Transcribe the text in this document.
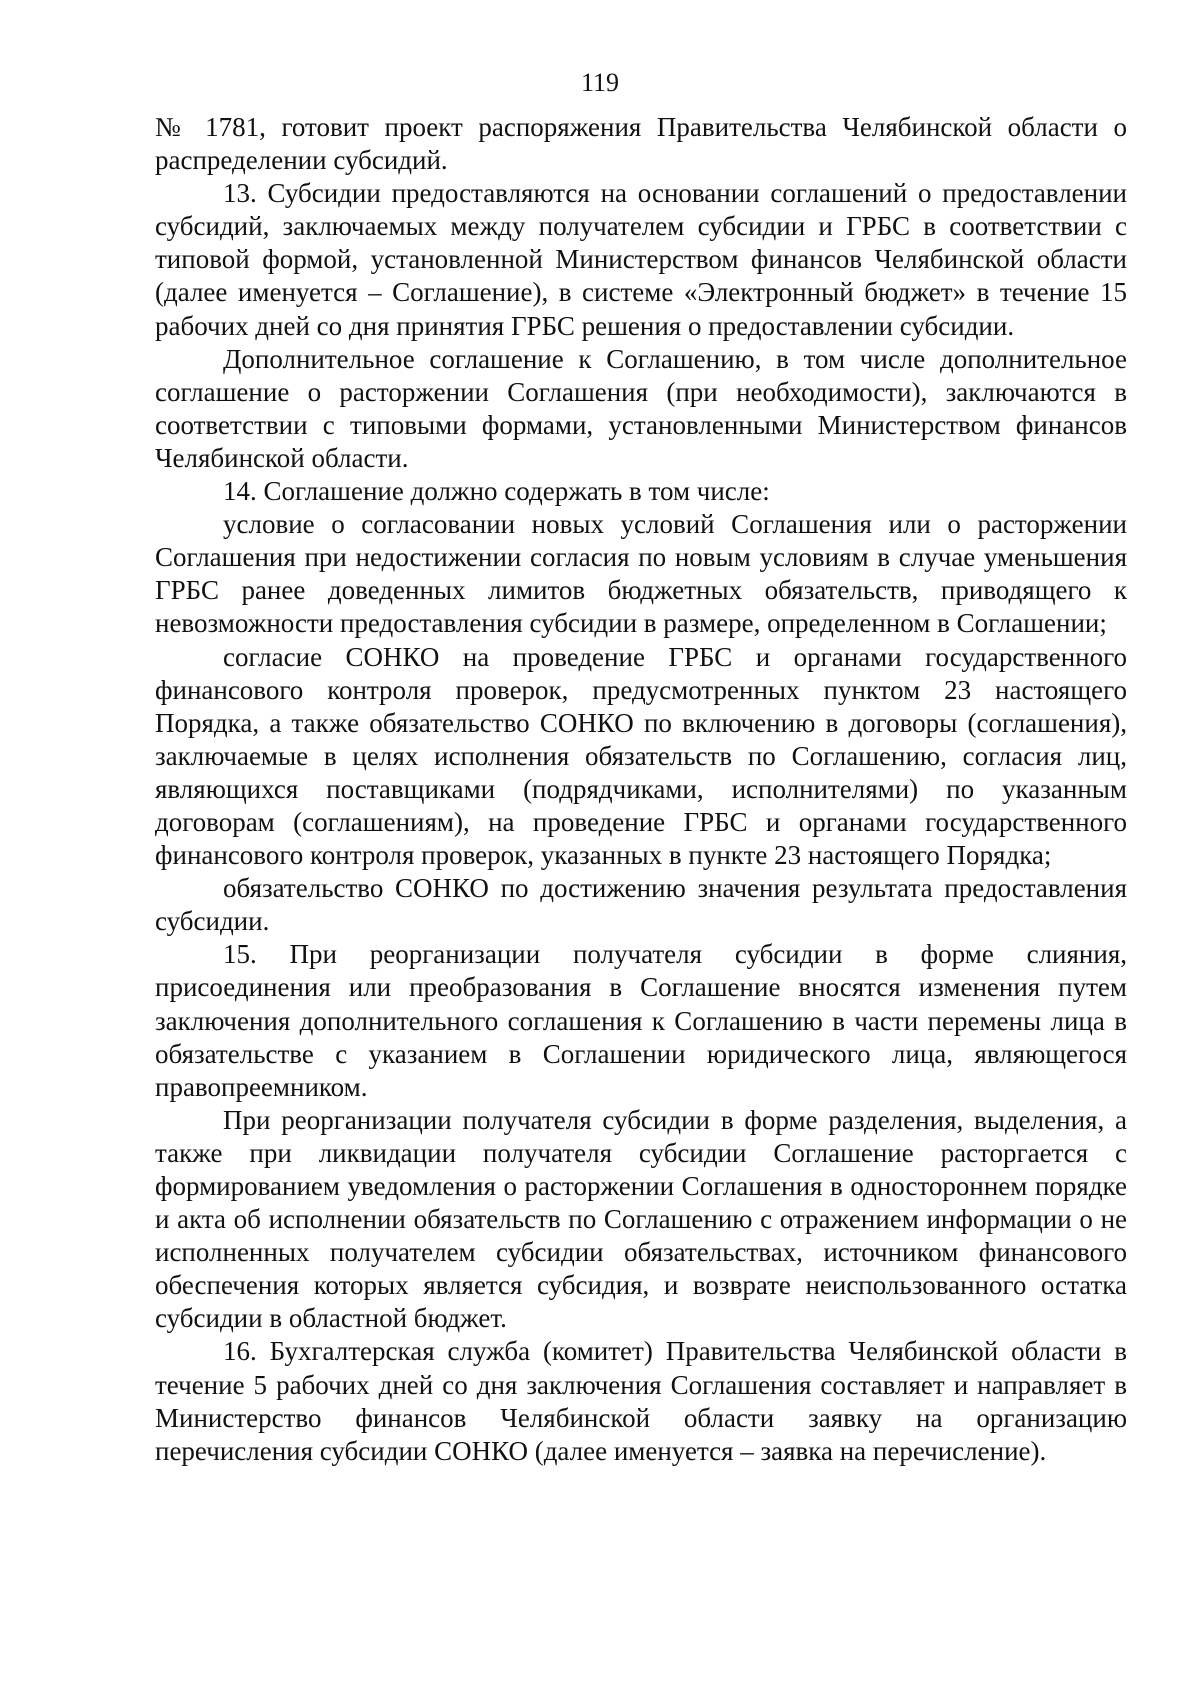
119

№ 1781, готовит проект распоряжения Правительства Челябинской области о распределении субсидий.

13. Субсидии предоставляются на основании соглашений о предоставлении субсидий, заключаемых между получателем субсидии и ГРБС в соответствии с типовой формой, установленной Министерством финансов Челябинской области (далее именуется – Соглашение), в системе «Электронный бюджет» в течение 15 рабочих дней со дня принятия ГРБС решения о предоставлении субсидии.

Дополнительное соглашение к Соглашению, в том числе дополнительное соглашение о расторжении Соглашения (при необходимости), заключаются в соответствии с типовыми формами, установленными Министерством финансов Челябинской области.

14. Соглашение должно содержать в том числе:

условие о согласовании новых условий Соглашения или о расторжении Соглашения при недостижении согласия по новым условиям в случае уменьшения ГРБС ранее доведенных лимитов бюджетных обязательств, приводящего к невозможности предоставления субсидии в размере, определенном в Соглашении;

согласие СОНКО на проведение ГРБС и органами государственного финансового контроля проверок, предусмотренных пунктом 23 настоящего Порядка, а также обязательство СОНКО по включению в договоры (соглашения), заключаемые в целях исполнения обязательств по Соглашению, согласия лиц, являющихся поставщиками (подрядчиками, исполнителями) по указанным договорам (соглашениям), на проведение ГРБС и органами государственного финансового контроля проверок, указанных в пункте 23 настоящего Порядка;

обязательство СОНКО по достижению значения результата предоставления субсидии.

15. При реорганизации получателя субсидии в форме слияния, присоединения или преобразования в Соглашение вносятся изменения путем заключения дополнительного соглашения к Соглашению в части перемены лица в обязательстве с указанием в Соглашении юридического лица, являющегося правопреемником.

При реорганизации получателя субсидии в форме разделения, выделения, а также при ликвидации получателя субсидии Соглашение расторгается с формированием уведомления о расторжении Соглашения в одностороннем порядке и акта об исполнении обязательств по Соглашению с отражением информации о не исполненных получателем субсидии обязательствах, источником финансового обеспечения которых является субсидия, и возврате неиспользованного остатка субсидии в областной бюджет.

16. Бухгалтерская служба (комитет) Правительства Челябинской области в течение 5 рабочих дней со дня заключения Соглашения составляет и направляет в Министерство финансов Челябинской области заявку на организацию перечисления субсидии СОНКО (далее именуется – заявка на перечисление).
